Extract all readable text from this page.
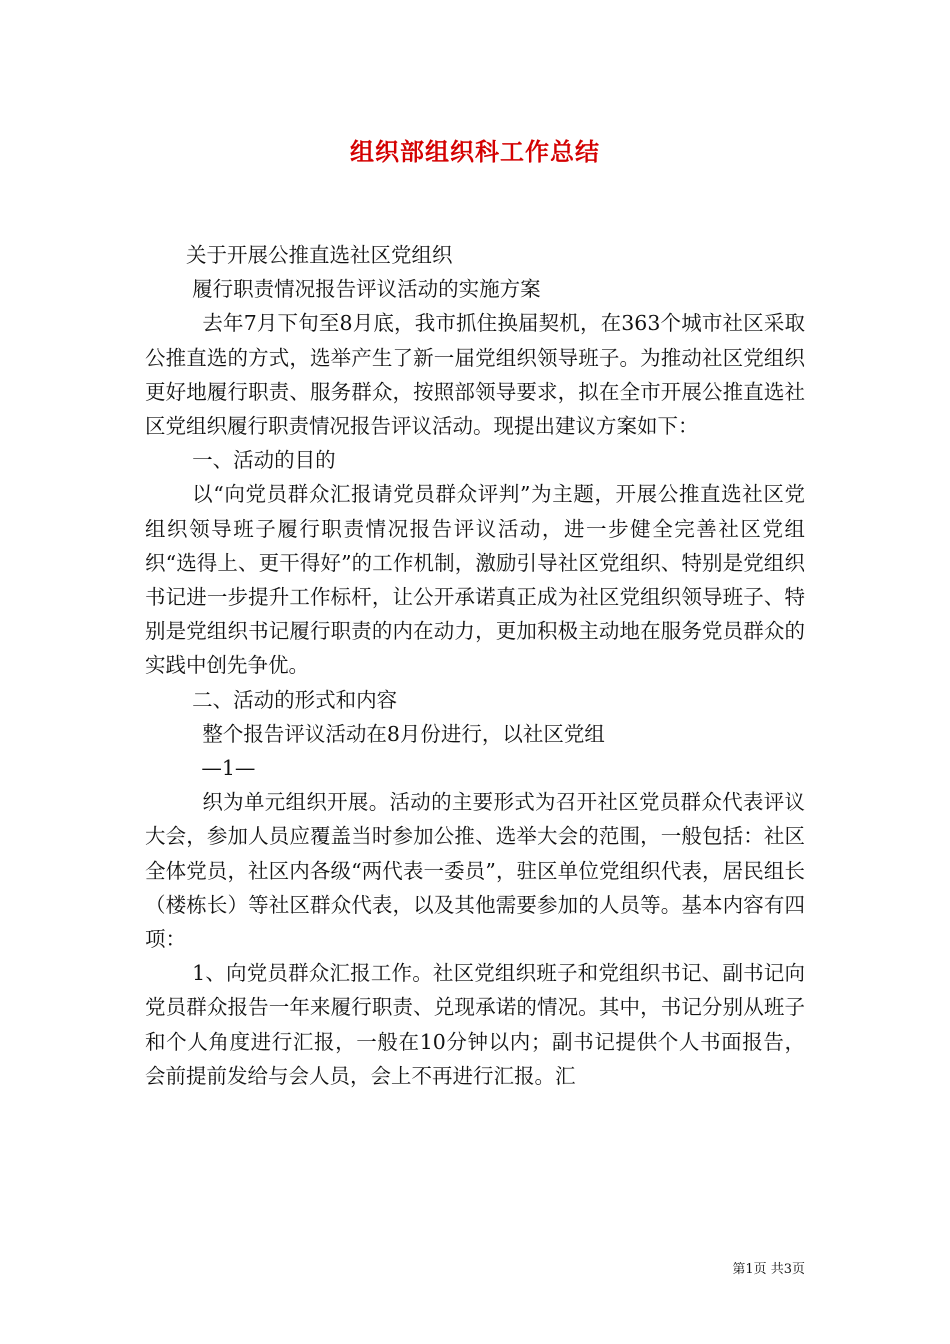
组织部组织科工作总结

关于开展公推直选社区党组织

履行职责情况报告评议活动的实施方案

去年7月下旬至8月底，我市抓住换届契机，在363个城市社区采取公推直选的方式，选举产生了新一届党组织领导班子。为推动社区党组织更好地履行职责、服务群众，按照部领导要求，拟在全市开展公推直选社区党组织履行职责情况报告评议活动。现提出建议方案如下：

一、活动的目的

以“向党员群众汇报请党员群众评判”为主题，开展公推直选社区党组织领导班子履行职责情况报告评议活动，进一步健全完善社区党组织“选得上、更干得好”的工作机制，激励引导社区党组织、特别是党组织书记进一步提升工作标杆，让公开承诺真正成为社区党组织领导班子、特别是党组织书记履行职责的内在动力，更加积极主动地在服务党员群众的实践中创先争优。

二、活动的形式和内容

整个报告评议活动在8月份进行，以社区党组

—1—

织为单元组织开展。活动的主要形式为召开社区党员群众代表评议大会，参加人员应覆盖当时参加公推、选举大会的范围，一般包括：社区全体党员，社区内各级“两代表一委员”，驻区单位党组织代表，居民组长（楼栋长）等社区群众代表，以及其他需要参加的人员等。基本内容有四项：

1、向党员群众汇报工作。社区党组织班子和党组织书记、副书记向党员群众报告一年来履行职责、兑现承诺的情况。其中，书记分别从班子和个人角度进行汇报，一般在10分钟以内；副书记提供个人书面报告，会前提前发给与会人员，会上不再进行汇报。汇

第1页 共3页
